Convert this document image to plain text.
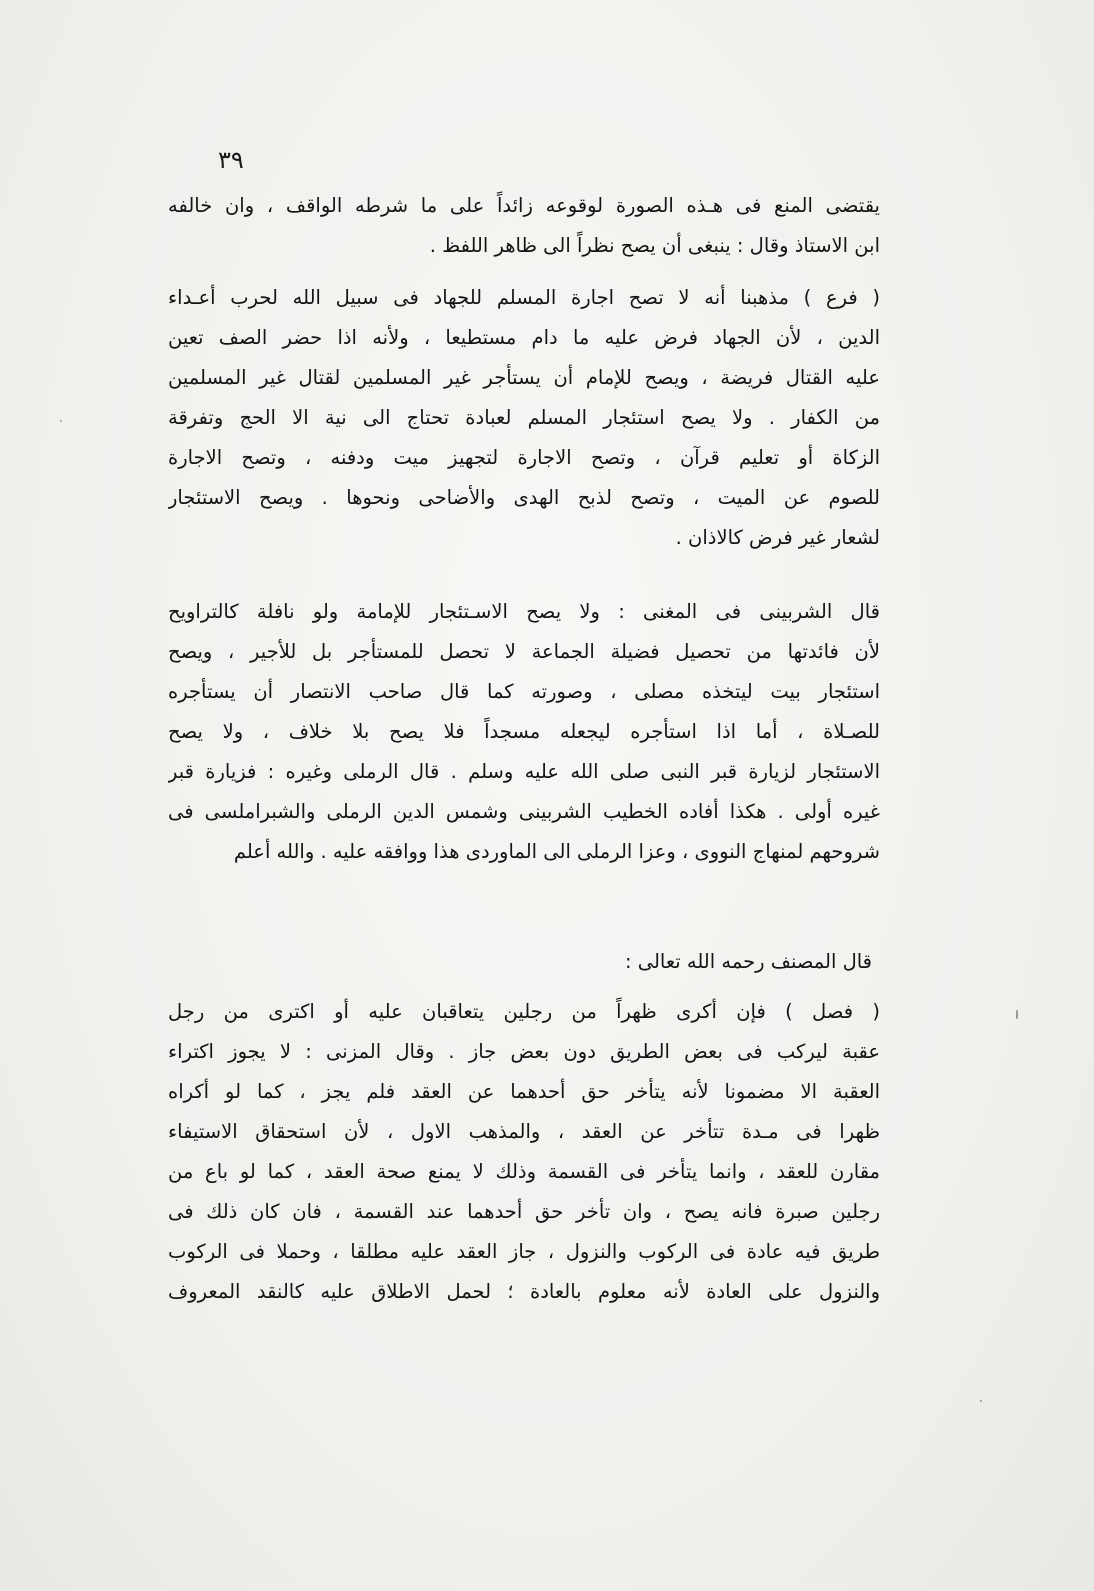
٣٩
يقتضى المنع فى هـذه الصورة لوقوعه زائداً على ما شرطه الواقف ، وان خالفه
ابن الاستاذ وقال : ينبغى أن يصح نظراً الى ظاهر اللفظ .
( فرع ) مذهبنا أنه لا تصح اجارة المسلم للجهاد فى سبيل الله لحرب أعـداء
الدين ، لأن الجهاد فرض عليه ما دام مستطيعا ، ولأنه اذا حضر الصف تعين
عليه القتال فريضة ، ويصح للإمام أن يستأجر غير المسلمين لقتال غير المسلمين
من الكفار . ولا يصح استئجار المسلم لعبادة تحتاج الى نية الا الحج وتفرقة
الزكاة أو تعليم قرآن ، وتصح الاجارة لتجهيز ميت ودفنه ، وتصح الاجارة
للصوم عن الميت ، وتصح لذبح الهدى والأضاحى ونحوها . ويصح الاستئجار
لشعار غير فرض كالاذان .
قال الشربينى فى المغنى : ولا يصح الاسـتئجار للإمامة ولو نافلة كالتراويح
لأن فائدتها من تحصيل فضيلة الجماعة لا تحصل للمستأجر بل للأجير ، ويصح
استئجار بيت ليتخذه مصلى ، وصورته كما قال صاحب الانتصار أن يستأجره
للصـلاة ، أما اذا استأجره ليجعله مسجداً فلا يصح بلا خلاف ، ولا يصح
الاستئجار لزيارة قبر النبى صلى الله عليه وسلم . قال الرملى وغيره : فزيارة قبر
غيره أولى . هكذا أفاده الخطيب الشربينى وشمس الدين الرملى والشبراملسى فى
شروحهم لمنهاج النووى ، وعزا الرملى الى الماوردى هذا ووافقه عليه . والله أعلم
قال المصنف رحمه الله تعالى :
( فصل ) فإن أكرى ظهراً من رجلين يتعاقبان عليه أو اكترى من رجل
عقبة ليركب فى بعض الطريق دون بعض جاز . وقال المزنى : لا يجوز اكتراء
العقبة الا مضمونا لأنه يتأخر حق أحدهما عن العقد فلم يجز ، كما لو أكراه
ظهرا فى مـدة تتأخر عن العقد ، والمذهب الاول ، لأن استحقاق الاستيفاء
مقارن للعقد ، وانما يتأخر فى القسمة وذلك لا يمنع صحة العقد ، كما لو باع من
رجلين صبرة فانه يصح ، وان تأخر حق أحدهما عند القسمة ، فان كان ذلك فى
طريق فيه عادة فى الركوب والنزول ، جاز العقد عليه مطلقا ، وحملا فى الركوب
والنزول على العادة لأنه معلوم بالعادة ؛ لحمل الاطلاق عليه كالنقد المعروف
